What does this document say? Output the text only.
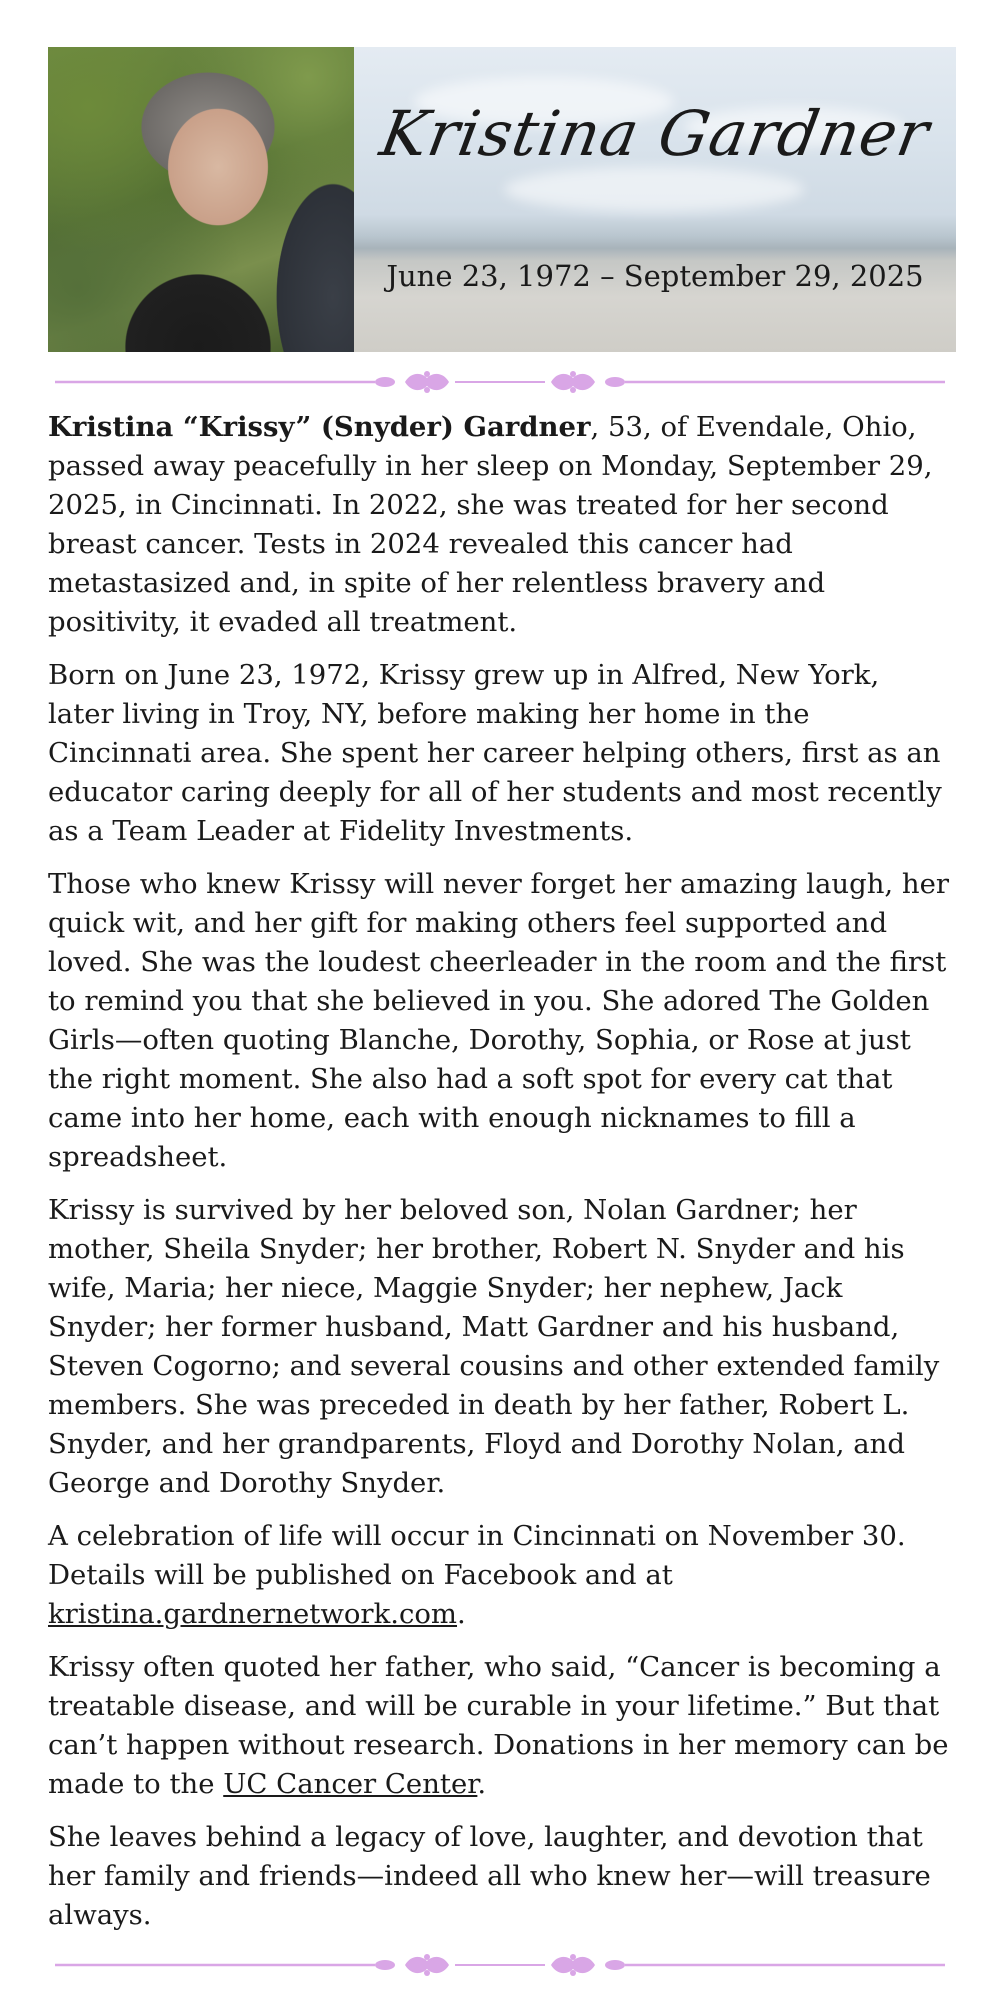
Kristina Gardner
June 23, 1972 – September 29, 2025

Kristina “Krissy” (Snyder) Gardner, 53, of Evendale, Ohio, passed away peacefully in her sleep on Monday, September 29, 2025, in Cincinnati. In 2022, she was treated for her second breast cancer. Tests in 2024 revealed this cancer had metastasized and, in spite of her relentless bravery and positivity, it evaded all treatment.

Born on June 23, 1972, Krissy grew up in Alfred, New York, later living in Troy, NY, before making her home in the Cincinnati area. She spent her career helping others, first as an educator caring deeply for all of her students and most recently as a Team Leader at Fidelity Investments.

Those who knew Krissy will never forget her amazing laugh, her quick wit, and her gift for making others feel supported and loved. She was the loudest cheerleader in the room and the first to remind you that she believed in you. She adored The Golden Girls—often quoting Blanche, Dorothy, Sophia, or Rose at just the right moment. She also had a soft spot for every cat that came into her home, each with enough nicknames to fill a spreadsheet.

Krissy is survived by her beloved son, Nolan Gardner; her mother, Sheila Snyder; her brother, Robert N. Snyder and his wife, Maria; her niece, Maggie Snyder; her nephew, Jack Snyder; her former husband, Matt Gardner and his husband, Steven Cogorno; and several cousins and other extended family members. She was preceded in death by her father, Robert L. Snyder, and her grandparents, Floyd and Dorothy Nolan, and George and Dorothy Snyder.

A celebration of life will occur in Cincinnati on November 30. Details will be published on Facebook and at kristina.gardnernetwork.com.

Krissy often quoted her father, who said, “Cancer is becoming a treatable disease, and will be curable in your lifetime.” But that can’t happen without research. Donations in her memory can be made to the UC Cancer Center.

She leaves behind a legacy of love, laughter, and devotion that her family and friends—indeed all who knew her—will treasure always.
